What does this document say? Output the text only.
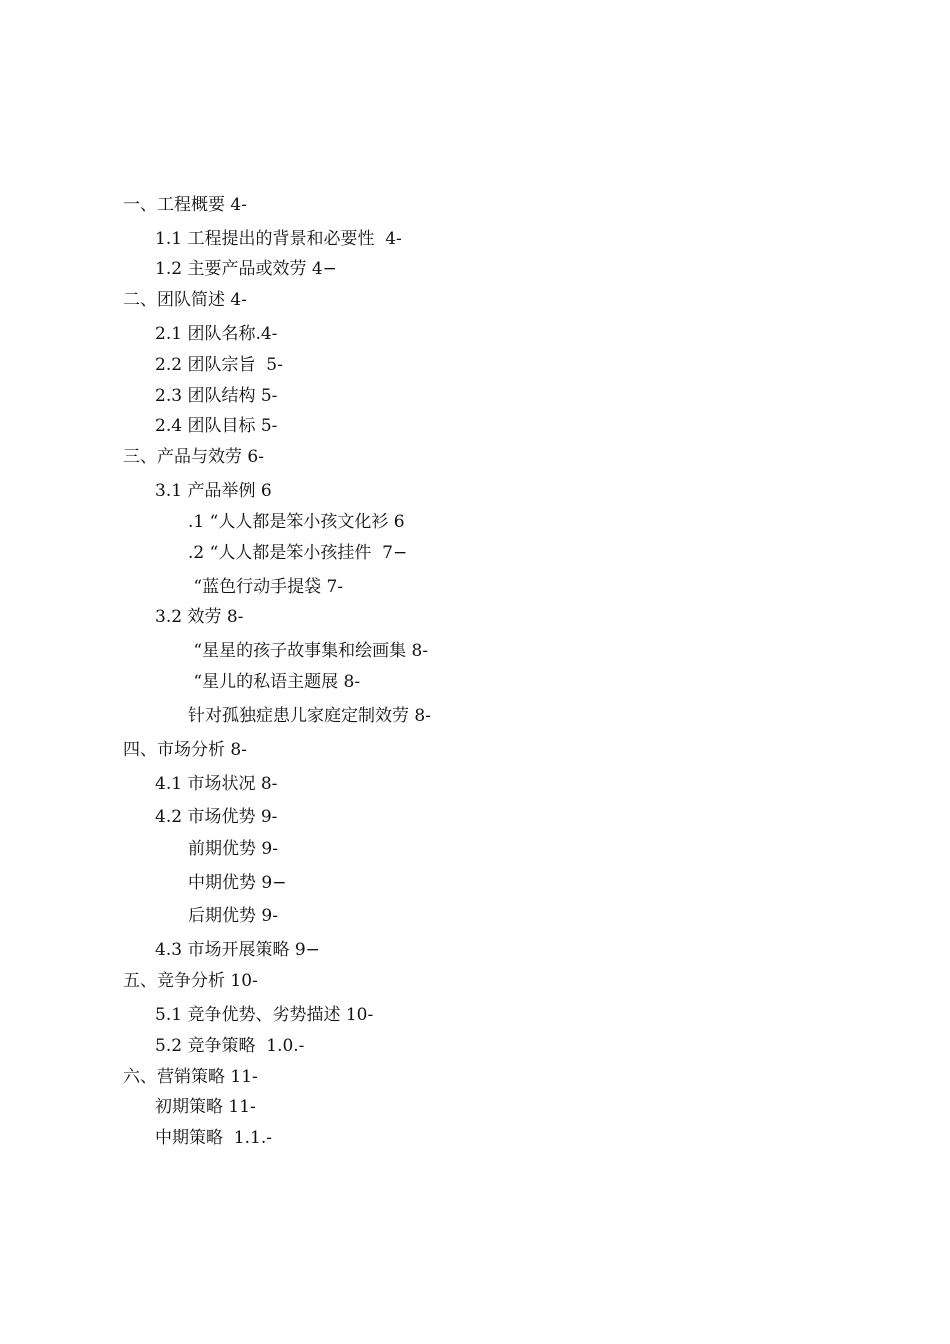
一、工程概要 4-
1.1 工程提出的背景和必要性  4-
1.2 主要产品或效劳 4−
二、团队简述 4-
2.1 团队名称.4-
2.2 团队宗旨  5-
2.3 团队结构 5-
2.4 团队目标 5-
三、产品与效劳 6-
3.1 产品举例 6
.1 “人人都是笨小孩文化衫 6
.2 “人人都是笨小孩挂件  7−
“蓝色行动手提袋 7-
3.2 效劳 8-
“星星的孩子故事集和绘画集 8-
“星儿的私语主题展 8-
针对孤独症患儿家庭定制效劳 8-
四、市场分析 8-
4.1 市场状况 8-
4.2 市场优势 9-
前期优势 9-
中期优势 9−
后期优势 9-
4.3 市场开展策略 9−
五、竞争分析 10-
5.1 竞争优势、劣势描述 10-
5.2 竞争策略  1.0.-
六、营销策略 11-
初期策略 11-
中期策略  1.1.-
